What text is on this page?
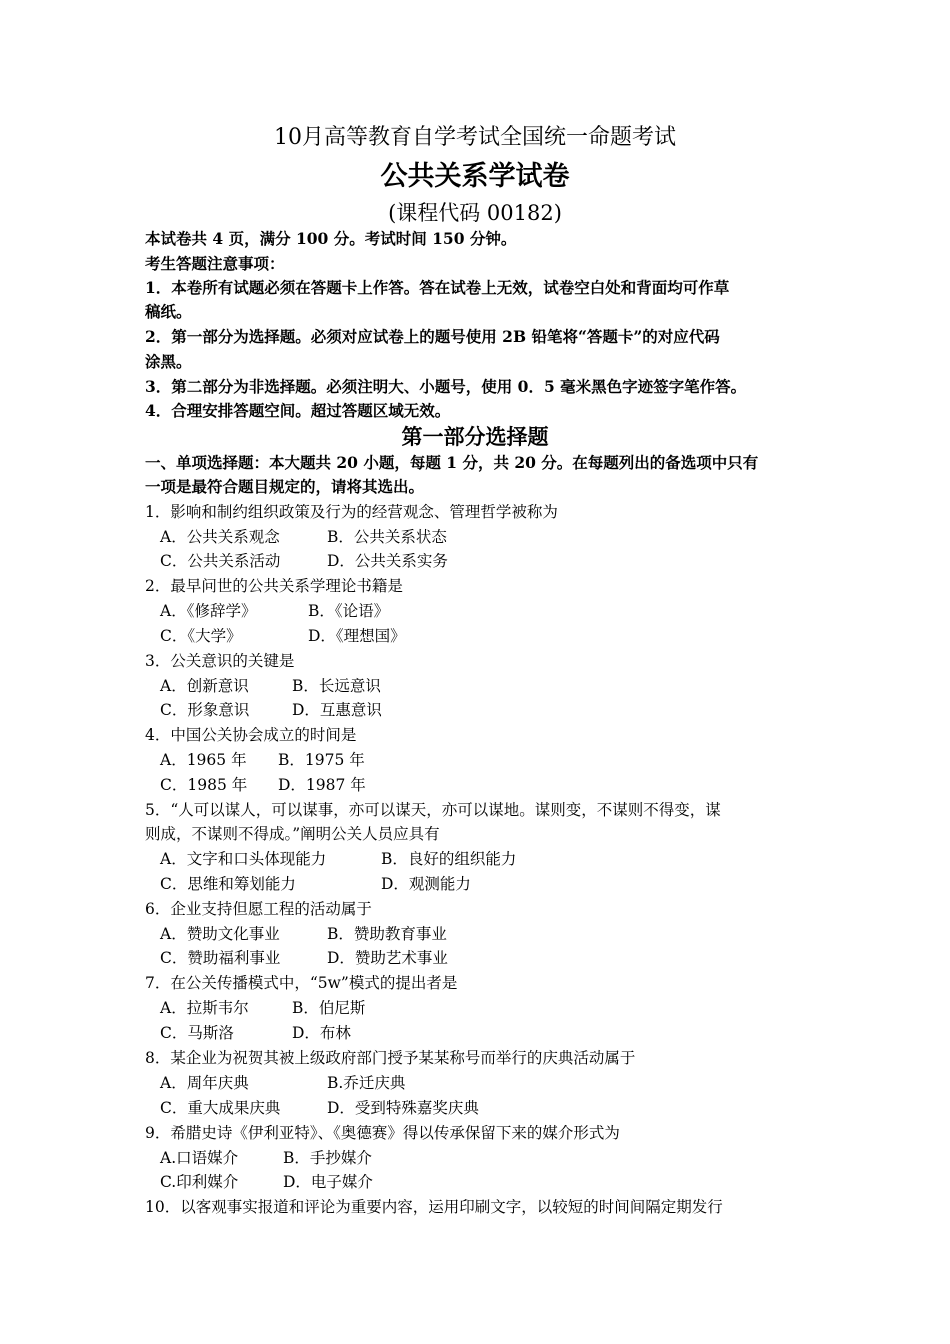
10月高等教育自学考试全国统一命题考试
公共关系学试卷
(课程代码 00182)
本试卷共 4 页，满分 100 分。考试时间 150 分钟。
考生答题注意事项：
1．本卷所有试题必须在答题卡上作答。答在试卷上无效，试卷空白处和背面均可作草
稿纸。
2．第一部分为选择题。必须对应试卷上的题号使用 2B 铅笔将“答题卡”的对应代码
涂黑。
3．第二部分为非选择题。必须注明大、小题号，使用 0．5 毫米黑色字迹签字笔作答。
4．合理安排答题空间。超过答题区域无效。
第一部分选择题
一、单项选择题：本大题共 20 小题，每题 1 分，共 20 分。在每题列出的备选项中只有
一项是最符合题目规定的，请将其选出。
1．影响和制约组织政策及行为的经营观念、管理哲学被称为
A．公共关系观念	B．公共关系状态
C．公共关系活动	D．公共关系实务
2．最早问世的公共关系学理论书籍是
A．《修辞学》	B．《论语》
C．《大学》	D．《理想国》
3．公关意识的关键是
A．创新意识	B．长远意识
C．形象意识	D．互惠意识
4．中国公关协会成立的时间是
A．1965 年 B．1975 年
C．1985 年 D．1987 年
5．“人可以谋人，可以谋事，亦可以谋天，亦可以谋地。谋则变，不谋则不得变，谋
则成，不谋则不得成。”阐明公关人员应具有
A．文字和口头体现能力	B．良好的组织能力
C．思维和筹划能力	D．观测能力
6．企业支持但愿工程的活动属于
A．赞助文化事业	B．赞助教育事业
C．赞助福利事业	D．赞助艺术事业
7．在公关传播模式中，“5w”模式的提出者是
A．拉斯韦尔	B．伯尼斯
C．马斯洛	D．布林
8．某企业为祝贺其被上级政府部门授予某某称号而举行的庆典活动属于
A．周年庆典	B.乔迁庆典
C．重大成果庆典	D．受到特殊嘉奖庆典
9．希腊史诗《伊利亚特》、《奥德赛》得以传承保留下来的媒介形式为
A.口语媒介	B．手抄媒介
C.印利媒介	D．电子媒介
10．以客观事实报道和评论为重要内容，运用印刷文字，以较短的时间间隔定期发行
